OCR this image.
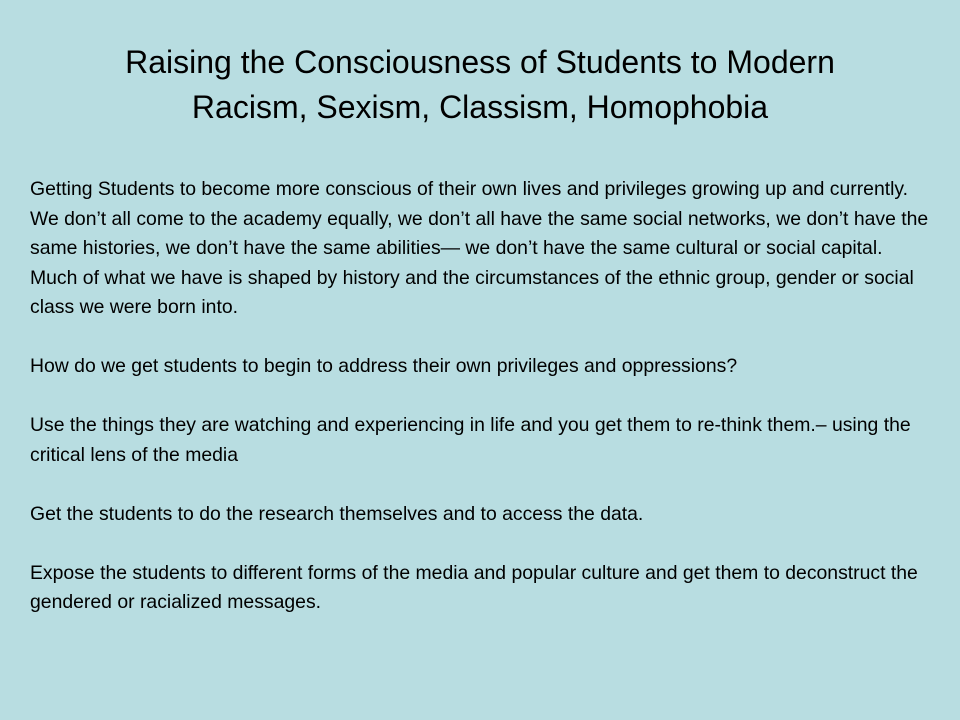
Raising the Consciousness of Students to Modern
Racism, Sexism, Classism, Homophobia

Getting Students to become more conscious of their own lives and privileges growing up and currently. We don’t all come to the academy equally, we don’t all have the same social networks, we don’t have the same histories, we don’t have the same abilities— we don’t have the same cultural or social capital. Much of what we have is shaped by history and the circumstances of the ethnic group, gender or social class we were born into.

How do we get students to begin to address their own privileges and oppressions?

Use the things they are watching and experiencing in life and you get them to re-think them.– using the critical lens of the media

Get the students to do the research themselves and to access the data.

Expose the students to different forms of the media and popular culture and get them to deconstruct the gendered or racialized messages.
